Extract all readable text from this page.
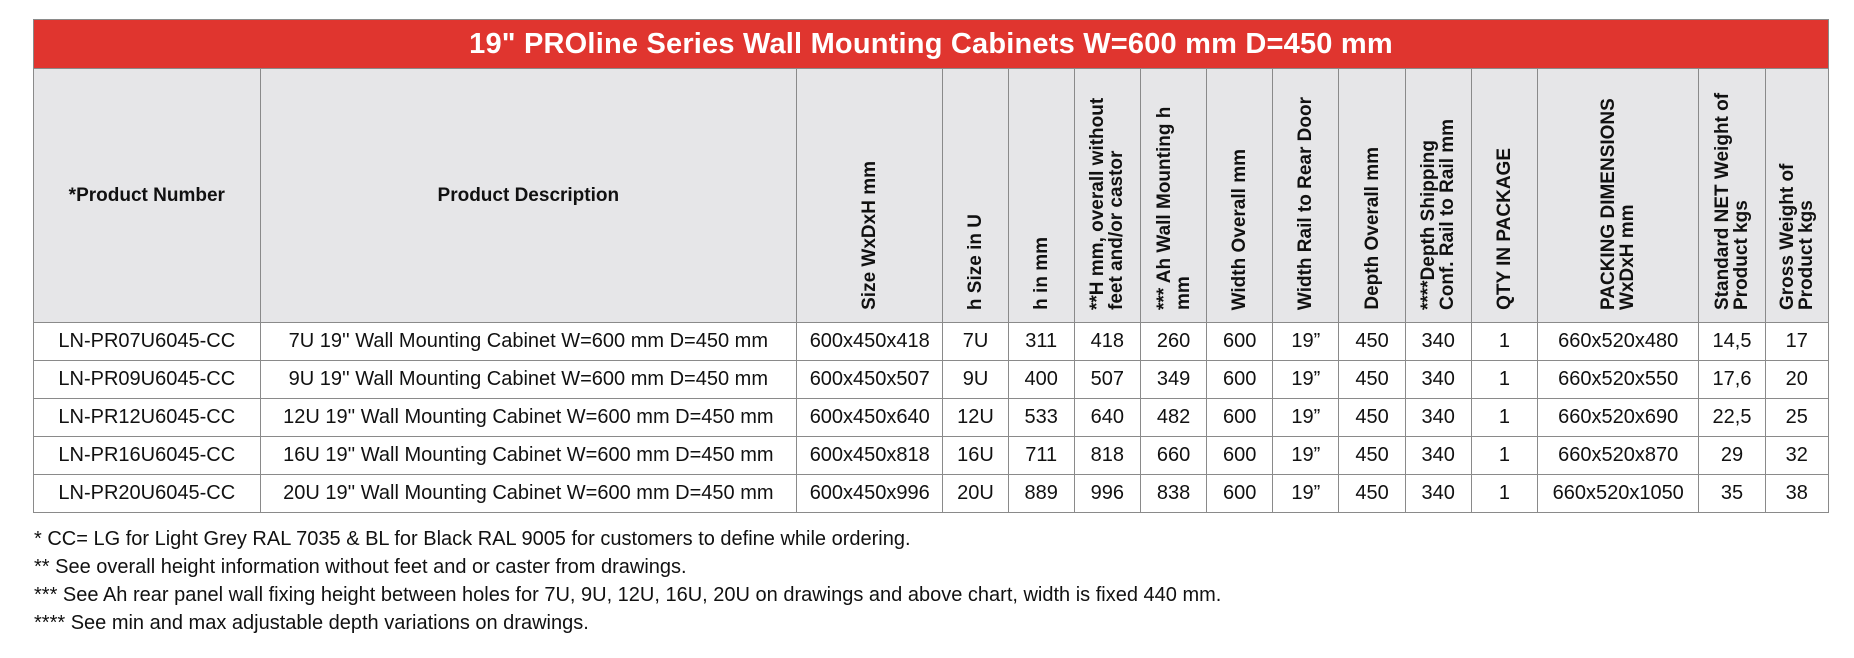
19" PROline Series Wall Mounting Cabinets W=600 mm D=450 mm														
*Product Number	Product Description	Size WxDxH mm	h Size in U	h in mm	**H mm, overall without feet and/or castor	*** Ah Wall Mounting h mm	Width Overall mm	Width Rail to Rear Door	Depth Overall mm	****Depth Shipping Conf. Rail to Rail mm	QTY IN PACKAGE	PACKING DIMENSIONS WxDxH mm	Standard NET Weight of Product kgs	Gross Weight of Product kgs

LN-PR07U6045-CC	7U 19'' Wall Mounting Cabinet W=600 mm D=450 mm	600x450x418	7U	311	418	260	600	19”	450	340	1	660x520x480	14,5	17
LN-PR09U6045-CC	9U 19'' Wall Mounting Cabinet W=600 mm D=450 mm	600x450x507	9U	400	507	349	600	19”	450	340	1	660x520x550	17,6	20
LN-PR12U6045-CC	12U 19'' Wall Mounting Cabinet W=600 mm D=450 mm	600x450x640	12U	533	640	482	600	19”	450	340	1	660x520x690	22,5	25
LN-PR16U6045-CC	16U 19'' Wall Mounting Cabinet W=600 mm D=450 mm	600x450x818	16U	711	818	660	600	19”	450	340	1	660x520x870	29	32
LN-PR20U6045-CC	20U 19'' Wall Mounting Cabinet W=600 mm D=450 mm	600x450x996	20U	889	996	838	600	19”	450	340	1	660x520x1050	35	38

* CC= LG for Light Grey RAL 7035 & BL for Black RAL 9005 for customers to define while ordering.

** See overall height information without feet and or caster from drawings.

*** See Ah rear panel wall fixing height between holes for 7U, 9U, 12U, 16U, 20U on drawings and above chart, width is fixed 440 mm.

**** See min and max adjustable depth variations on drawings.
